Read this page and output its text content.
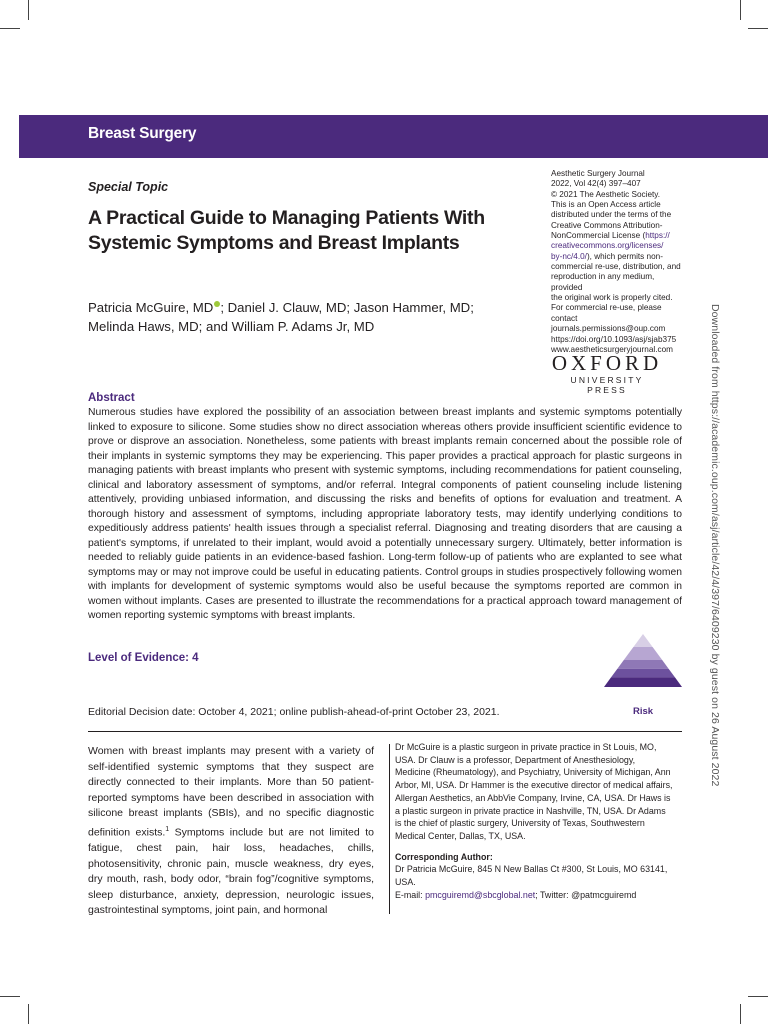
Breast Surgery
Special Topic
A Practical Guide to Managing Patients With Systemic Symptoms and Breast Implants
Patricia McGuire, MD ; Daniel J. Clauw, MD; Jason Hammer, MD;
Melinda Haws, MD; and William P. Adams Jr, MD
Aesthetic Surgery Journal
2022, Vol 42(4) 397–407
© 2021 The Aesthetic Society.
This is an Open Access article
distributed under the terms of the
Creative Commons Attribution-
NonCommercial License (https://
creativecommons.org/licenses/
by-nc/4.0/), which permits non-
commercial re-use, distribution, and
reproduction in any medium, provided
the original work is properly cited.
For commercial re-use, please contact
journals.permissions@oup.com
https://doi.org/10.1093/asj/sjab375
www.aestheticsurgeryjournal.com
OXFORD
UNIVERSITY PRESS	Downloaded from https://academic.oup.com/asj/article/42/4/397/6409230 by guest on 26 August 2022
Abstract
Numerous studies have explored the possibility of an association between breast implants and systemic symptoms potentially linked to exposure to silicone. Some studies show no direct association whereas others provide insufficient scientific evidence to prove or disprove an association. Nonetheless, some patients with breast implants remain concerned about the possible role of their implants in systemic symptoms they may be experiencing. This paper provides a practical approach for plastic surgeons in managing patients with breast implants who present with systemic symptoms, including recommendations for patient counseling, clinical and laboratory assessment of symptoms, and/or referral. Integral components of patient counseling include listening attentively, providing unbiased information, and discussing the risks and benefits of options for evaluation and treatment. A thorough history and assessment of symptoms, including appropriate laboratory tests, may identify underlying conditions to expeditiously address patients' health issues through a specialist referral. Diagnosing and treating disorders that are causing a patient's symptoms, if unrelated to their implant, would avoid a potentially unnecessary surgery. Ultimately, better information is needed to reliably guide patients in an evidence-based fashion. Long-term follow-up of patients who are explanted to see what symptoms may or may not improve could be useful in educating patients. Control groups in studies prospectively following women with implants for development of systemic symptoms would also be useful because the symptoms reported are common in women without implants. Cases are presented to illustrate the recommendations for a practical approach toward management of women reporting systemic symptoms with breast implants.
Level of Evidence: 4
4
Risk
Editorial Decision date: October 4, 2021; online publish-ahead-of-print October 23, 2021.
Women with breast implants may present with a variety of self-identified systemic symptoms that they suspect are directly connected to their implants. More than 50 patient-reported symptoms have been described in association with silicone breast implants (SBIs), and no specific diagnostic definition exists.$^1$ Symptoms include but are not limited to fatigue, chest pain, hair loss, headaches, chills, photosensitivity, chronic pain, muscle weakness, dry eyes, dry mouth, rash, body odor, “brain fog”/cognitive symptoms, sleep disturbance, anxiety, depression, neurologic issues, gastrointestinal symptoms, joint pain, and hormonal
Dr McGuire is a plastic surgeon in private practice in St Louis, MO, USA. Dr Clauw is a professor, Department of Anesthesiology, Medicine (Rheumatology), and Psychiatry, University of Michigan, Ann Arbor, MI, USA. Dr Hammer is the executive director of medical affairs, Allergan Aesthetics, an AbbVie Company, Irvine, CA, USA. Dr Haws is a plastic surgeon in private practice in Nashville, TN, USA. Dr Adams is the chief of plastic surgery, University of Texas, Southwestern Medical Center, Dallas, TX, USA.
Corresponding Author:
Dr Patricia McGuire, 845 N New Ballas Ct #300, St Louis, MO 63141, USA.
E-mail: pmcguiremd@sbcglobal.net; Twitter: @patmcguiremd
